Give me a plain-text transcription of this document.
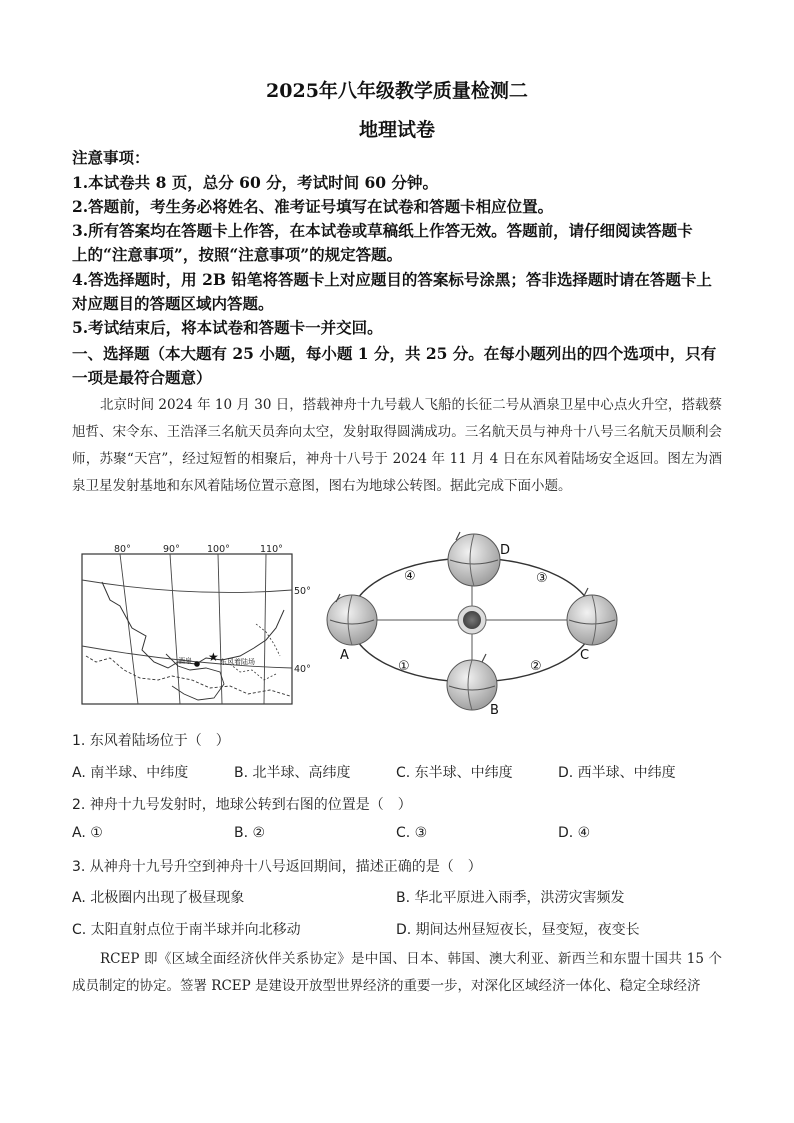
2025年八年级教学质量检测二
地理试卷
注意事项：
1.本试卷共 8 页，总分 60 分，考试时间 60 分钟。
2.答题前，考生务必将姓名、准考证号填写在试卷和答题卡相应位置。
3.所有答案均在答题卡上作答，在本试卷或草稿纸上作答无效。答题前，请仔细阅读答题卡
上的“注意事项”，按照“注意事项”的规定答题。
4.答选择题时，用 2B 铅笔将答题卡上对应题目的答案标号涂黑；答非选择题时请在答题卡上
对应题目的答题区域内答题。
5.考试结束后，将本试卷和答题卡一并交回。
一、选择题（本大题有 25 小题，每小题 1 分，共 25 分。在每小题列出的四个选项中，只有
一项是最符合题意）
北京时间 2024 年 10 月 30 日，搭载神舟十九号载人飞船的长征二号从酒泉卫星中心点火升空，搭载蔡旭哲、宋令东、王浩泽三名航天员奔向太空，发射取得圆满成功。三名航天员与神舟十八号三名航天员顺利会师，苏聚“天宫”，经过短暂的相聚后，神舟十八号于 2024 年 11 月 4 日在东风着陆场安全返回。图左为酒泉卫星发射基地和东风着陆场位置示意图，图右为地球公转图。据此完成下面小题。
酒泉 ★ 东风着陆场
80°	90°	100°	110°
50°
40°
A
B
C
D
①	②
③
④
1. 东风着陆场位于（　）
A. 南半球、中纬度	B. 北半球、高纬度	C. 东半球、中纬度	D. 西半球、中纬度
2. 神舟十九号发射时，地球公转到右图的位置是（　）
A. ①	B. ②	C. ③	D. ④
3. 从神舟十九号升空到神舟十八号返回期间，描述正确的是（　）
A. 北极圈内出现了极昼现象	B. 华北平原进入雨季，洪涝灾害频发
C. 太阳直射点位于南半球并向北移动	D. 期间达州昼短夜长，昼变短，夜变长
RCEP 即《区域全面经济伙伴关系协定》是中国、日本、韩国、澳大利亚、新西兰和东盟十国共 15 个成员制定的协定。签署 RCEP 是建设开放型世界经济的重要一步，对深化区域经济一体化、稳定全球经济
